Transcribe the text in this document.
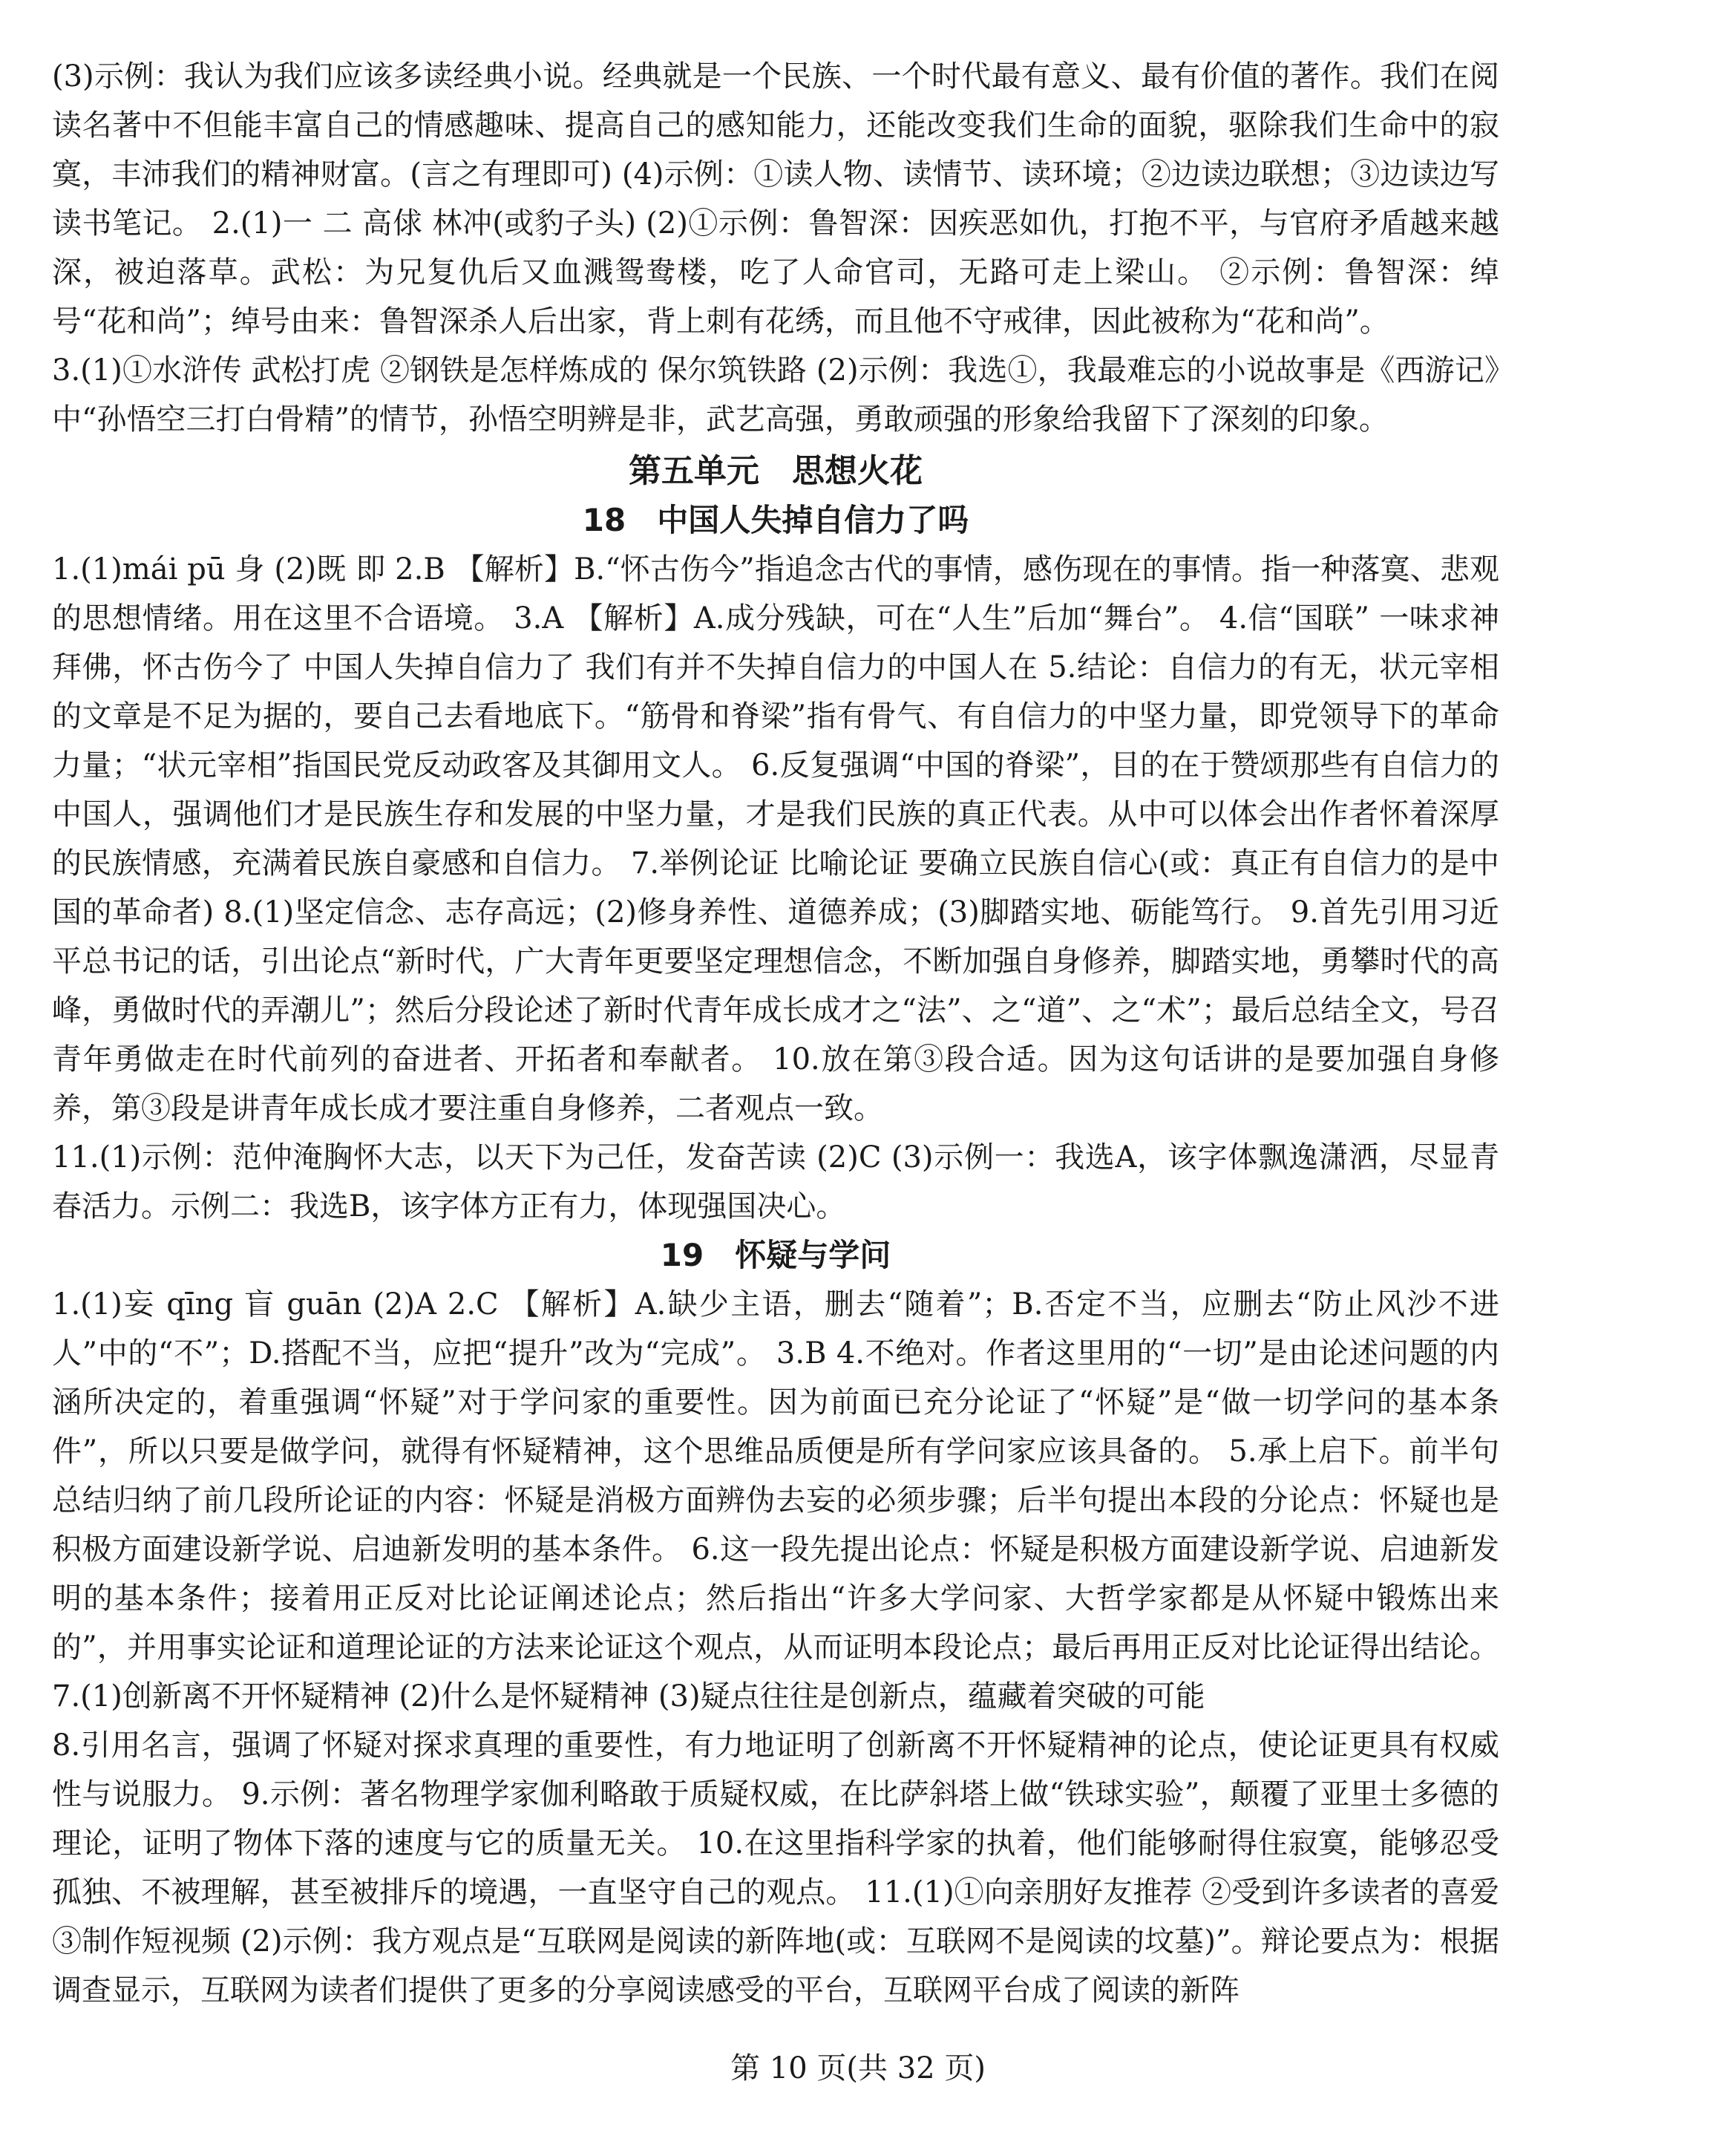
(3)示例：我认为我们应该多读经典小说。经典就是一个民族、一个时代最有意义、最有价值的著作。我们在阅读名著中不但能丰富自己的情感趣味、提高自己的感知能力，还能改变我们生命的面貌，驱除我们生命中的寂寞，丰沛我们的精神财富。(言之有理即可) (4)示例：①读人物、读情节、读环境；②边读边联想；③边读边写读书笔记。 2.(1)一 二 高俅 林冲(或豹子头) (2)①示例：鲁智深：因疾恶如仇，打抱不平，与官府矛盾越来越深，被迫落草。武松：为兄复仇后又血溅鸳鸯楼，吃了人命官司，无路可走上梁山。 ②示例：鲁智深：绰号“花和尚”；绰号由来：鲁智深杀人后出家，背上刺有花绣，而且他不守戒律，因此被称为“花和尚”。

3.(1)①水浒传 武松打虎 ②钢铁是怎样炼成的 保尔筑铁路 (2)示例：我选①，我最难忘的小说故事是《西游记》中“孙悟空三打白骨精”的情节，孙悟空明辨是非，武艺高强，勇敢顽强的形象给我留下了深刻的印象。

第五单元　思想火花
18　中国人失掉自信力了吗

1.(1)mái pū 身 (2)既 即 2.B 【解析】B.“怀古伤今”指追念古代的事情，感伤现在的事情。指一种落寞、悲观的思想情绪。用在这里不合语境。 3.A 【解析】A.成分残缺，可在“人生”后加“舞台”。 4.信“国联” 一味求神拜佛，怀古伤今了 中国人失掉自信力了 我们有并不失掉自信力的中国人在 5.结论：自信力的有无，状元宰相的文章是不足为据的，要自己去看地底下。“筋骨和脊梁”指有骨气、有自信力的中坚力量，即党领导下的革命力量；“状元宰相”指国民党反动政客及其御用文人。 6.反复强调“中国的脊梁”，目的在于赞颂那些有自信力的中国人，强调他们才是民族生存和发展的中坚力量，才是我们民族的真正代表。从中可以体会出作者怀着深厚的民族情感，充满着民族自豪感和自信力。 7.举例论证 比喻论证 要确立民族自信心(或：真正有自信力的是中国的革命者) 8.(1)坚定信念、志存高远；(2)修身养性、道德养成；(3)脚踏实地、砺能笃行。 9.首先引用习近平总书记的话，引出论点“新时代，广大青年更要坚定理想信念，不断加强自身修养，脚踏实地，勇攀时代的高峰，勇做时代的弄潮儿”；然后分段论述了新时代青年成长成才之“法”、之“道”、之“术”；最后总结全文，号召青年勇做走在时代前列的奋进者、开拓者和奉献者。 10.放在第③段合适。因为这句话讲的是要加强自身修养，第③段是讲青年成长成才要注重自身修养，二者观点一致。

11.(1)示例：范仲淹胸怀大志，以天下为己任，发奋苦读 (2)C (3)示例一：我选A，该字体飘逸潇洒，尽显青春活力。示例二：我选B，该字体方正有力，体现强国决心。

19　怀疑与学问

1.(1)妄 qīng 盲 guān (2)A 2.C 【解析】A.缺少主语，删去“随着”；B.否定不当，应删去“防止风沙不进人”中的“不”；D.搭配不当，应把“提升”改为“完成”。 3.B 4.不绝对。作者这里用的“一切”是由论述问题的内涵所决定的，着重强调“怀疑”对于学问家的重要性。因为前面已充分论证了“怀疑”是“做一切学问的基本条件”，所以只要是做学问，就得有怀疑精神，这个思维品质便是所有学问家应该具备的。 5.承上启下。前半句总结归纳了前几段所论证的内容：怀疑是消极方面辨伪去妄的必须步骤；后半句提出本段的分论点：怀疑也是积极方面建设新学说、启迪新发明的基本条件。 6.这一段先提出论点：怀疑是积极方面建设新学说、启迪新发明的基本条件；接着用正反对比论证阐述论点；然后指出“许多大学问家、大哲学家都是从怀疑中锻炼出来的”，并用事实论证和道理论证的方法来论证这个观点，从而证明本段论点；最后再用正反对比论证得出结论。 7.(1)创新离不开怀疑精神 (2)什么是怀疑精神 (3)疑点往往是创新点，蕴藏着突破的可能

8.引用名言，强调了怀疑对探求真理的重要性，有力地证明了创新离不开怀疑精神的论点，使论证更具有权威性与说服力。 9.示例：著名物理学家伽利略敢于质疑权威，在比萨斜塔上做“铁球实验”，颠覆了亚里士多德的理论，证明了物体下落的速度与它的质量无关。 10.在这里指科学家的执着，他们能够耐得住寂寞，能够忍受孤独、不被理解，甚至被排斥的境遇，一直坚守自己的观点。 11.(1)①向亲朋好友推荐 ②受到许多读者的喜爱 ③制作短视频 (2)示例：我方观点是“互联网是阅读的新阵地(或：互联网不是阅读的坟墓)”。辩论要点为：根据调查显示，互联网为读者们提供了更多的分享阅读感受的平台，互联网平台成了阅读的新阵

第 10 页(共 32 页)
